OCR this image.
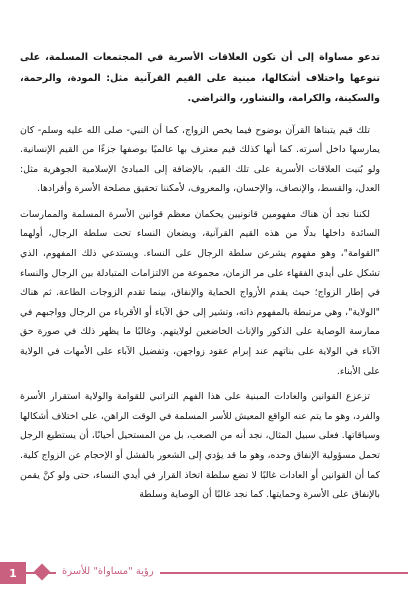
تدعو مساواة إلى أن تكون العلاقات الأسرية في المجتمعات المسلمة، على تنوعها واختلاف أشكالها، مبنية على القيم القرآنية مثل: المودة، والرحمة، والسكينة، والكرامة، والتشاور، والتراضي.

تلك قيم يتبناها القرآن بوضوح فيما يخص الزواج، كما أن النبي- صلى الله عليه وسلم- كان يمارسها داخل أسرته. كما أنها كذلك قيم معترف بها عالميًا بوصفها جزءًا من القيم الإنسانية. ولو بُنيت العلاقات الأسرية على تلك القيم، بالإضافة إلى المبادئ الإسلامية الجوهرية مثل: العدل، والقسط، والإنصاف، والإحسان، والمعروف، لأمكننا تحقيق مصلحة الأسرة وأفرادها.

لكننا نجد أن هناك مفهومين قانونيين يحكمان معظم قوانين الأسرة المسلمة والممارسات السائدة داخلها بدلًا من هذه القيم القرآنية، ويضعان النساء تحت سلطة الرجال، أولهما "القوامة"، وهو مفهوم يشرعن سلطة الرجال على النساء. ويستدعي ذلك المفهوم، الذي تشكل على أيدي الفقهاء على مر الزمان، مجموعة من الالتزامات المتبادلة بين الرجال والنساء في إطار الزواج؛ حيث يقدم الأزواج الحماية والإنفاق، بينما تقدم الزوجات الطاعة. ثم هناك "الولاية"، وهي مرتبطة بالمفهوم ذاته، وتشير إلى حق الآباء أو الأقرباء من الرجال وواجبهم في ممارسة الوصاية على الذكور والإناث الخاضعين لولايتهم. وغالبًا ما يظهر ذلك في صورة حق الآباء في الولاية على بناتهم عند إبرام عقود زواجهن، وتفضيل الآباء على الأمهات في الولاية على الأبناء.

تزعزع القوانين والعادات المبنية على هذا الفهم التراتبي للقوامة والولاية استقرار الأسرة والفرد، وهو ما يتم عنه الواقع المعيش للأسر المسلمة في الوقت الراهن، على اختلاف أشكالها وسياقاتها. فعلى سبيل المثال، نجد أنه من الصعب، بل من المستحيل أحيانًا، أن يستطيع الرجل تحمل مسؤولية الإنفاق وحده، وهو ما قد يؤدي إلى الشعور بالفشل أو الإحجام عن الزواج كلية. كما أن القوانين أو العادات غالبًا لا تضع سلطة اتخاذ القرار في أيدي النساء، حتى ولو كنَّ يقمن بالإنفاق على الأسرة وحمايتها. كما نجد غالبًا أن الوصاية وسلطة

1	رؤية "مساواة" للأسرة
